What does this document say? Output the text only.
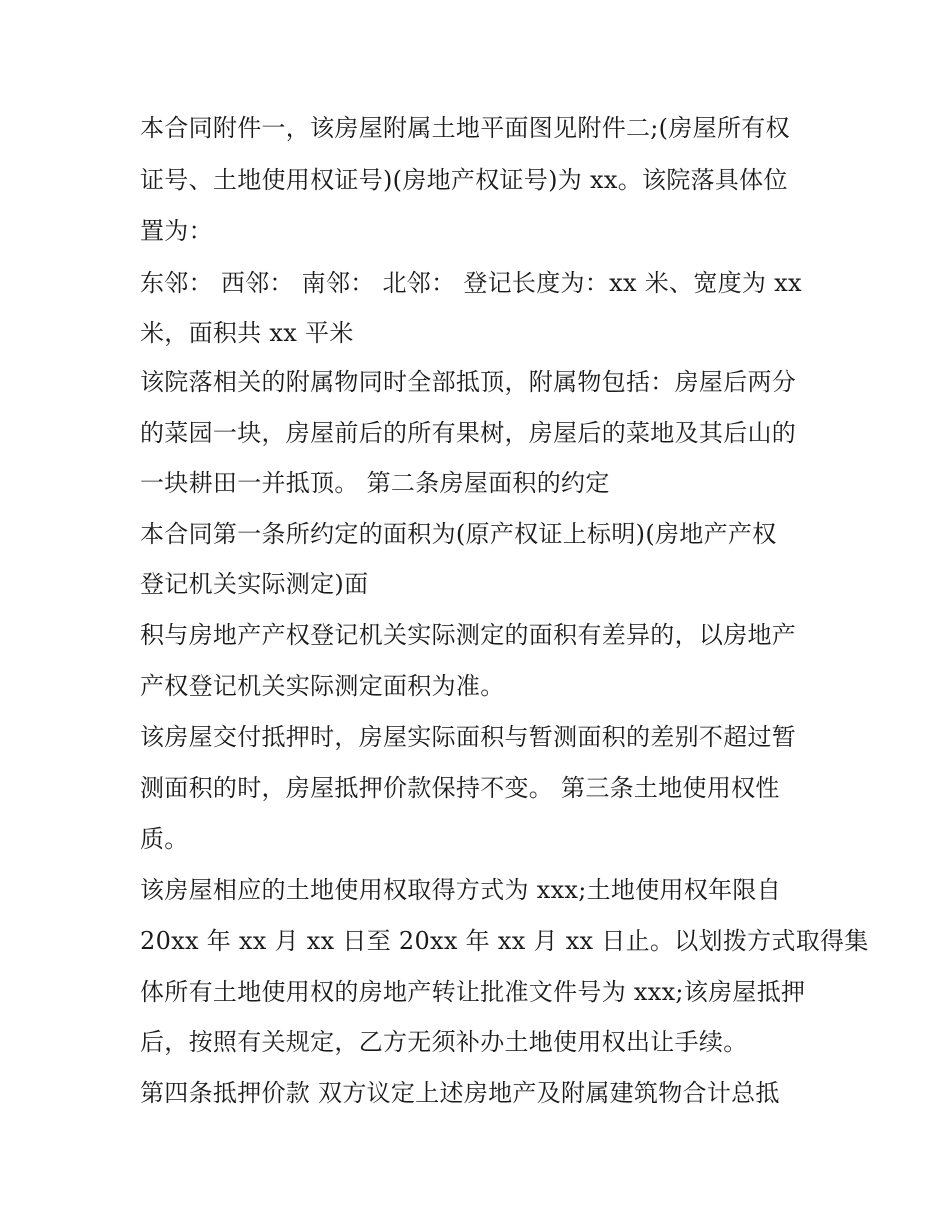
本合同附件一，该房屋附属土地平面图见附件二;(房屋所有权
证号、土地使用权证号)(房地产权证号)为 xx。该院落具体位
置为：
东邻： 西邻： 南邻： 北邻： 登记长度为：xx 米、宽度为 xx
米，面积共 xx 平米
该院落相关的附属物同时全部抵顶，附属物包括：房屋后两分
的菜园一块，房屋前后的所有果树，房屋后的菜地及其后山的
一块耕田一并抵顶。 第二条房屋面积的约定
本合同第一条所约定的面积为(原产权证上标明)(房地产产权
登记机关实际测定)面
积与房地产产权登记机关实际测定的面积有差异的，以房地产
产权登记机关实际测定面积为准。
该房屋交付抵押时，房屋实际面积与暂测面积的差别不超过暂
测面积的时，房屋抵押价款保持不变。 第三条土地使用权性
质。
该房屋相应的土地使用权取得方式为 xxx;土地使用权年限自
20xx 年 xx 月 xx 日至 20xx 年 xx 月 xx 日止。以划拨方式取得集
体所有土地使用权的房地产转让批准文件号为 xxx;该房屋抵押
后，按照有关规定，乙方无须补办土地使用权出让手续。
第四条抵押价款 双方议定上述房地产及附属建筑物合计总抵
